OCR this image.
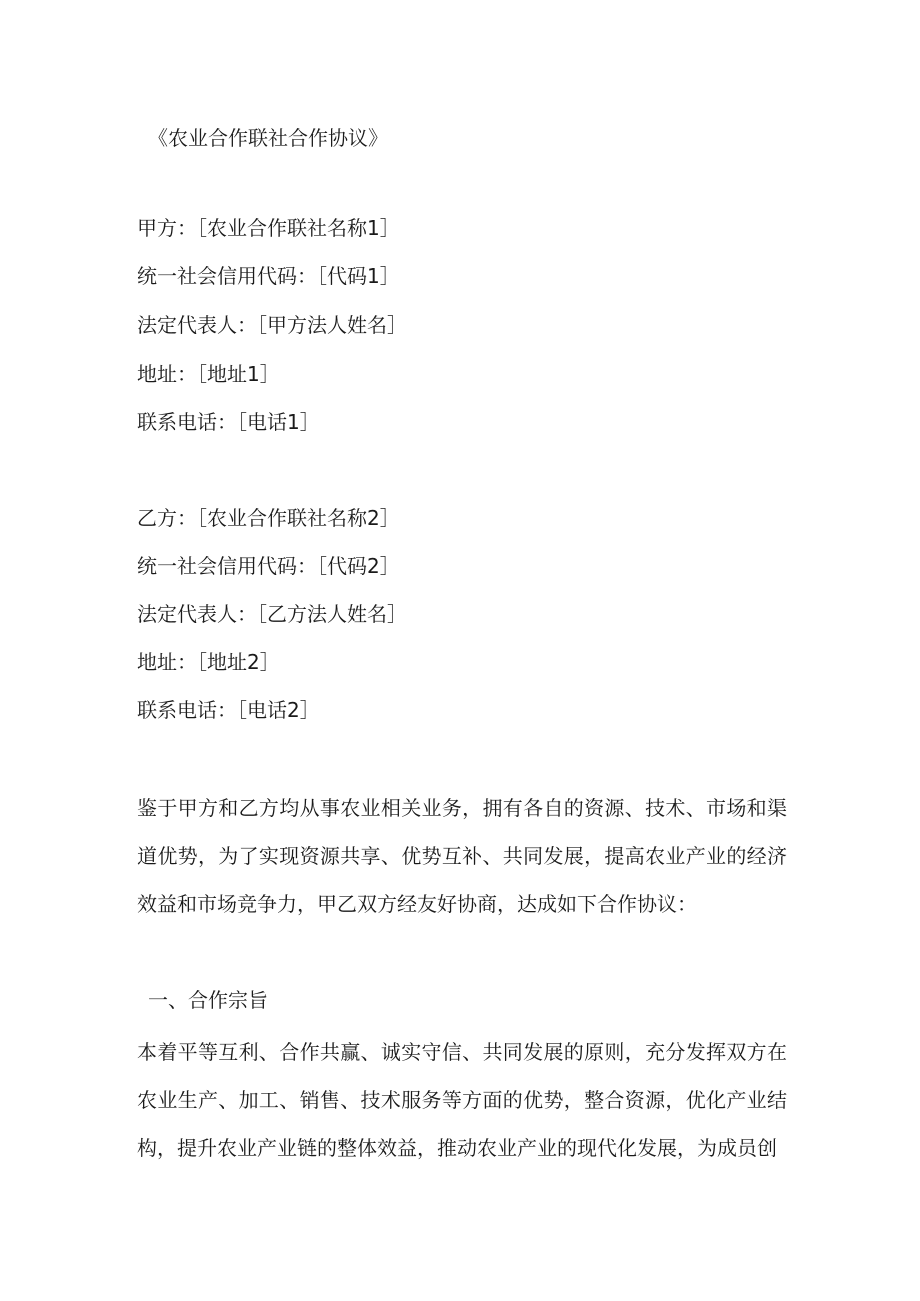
《农业合作联社合作协议》
甲方：［农业合作联社名称1］
统一社会信用代码：［代码1］
法定代表人：［甲方法人姓名］
地址：［地址1］
联系电话：［电话1］
乙方：［农业合作联社名称2］
统一社会信用代码：［代码2］
法定代表人：［乙方法人姓名］
地址：［地址2］
联系电话：［电话2］
鉴于甲方和乙方均从事农业相关业务，拥有各自的资源、技术、市场和渠道优势，为了实现资源共享、优势互补、共同发展，提高农业产业的经济效益和市场竞争力，甲乙双方经友好协商，达成如下合作协议：
一、合作宗旨
本着平等互利、合作共赢、诚实守信、共同发展的原则，充分发挥双方在农业生产、加工、销售、技术服务等方面的优势，整合资源，优化产业结构，提升农业产业链的整体效益，推动农业产业的现代化发展，为成员创
